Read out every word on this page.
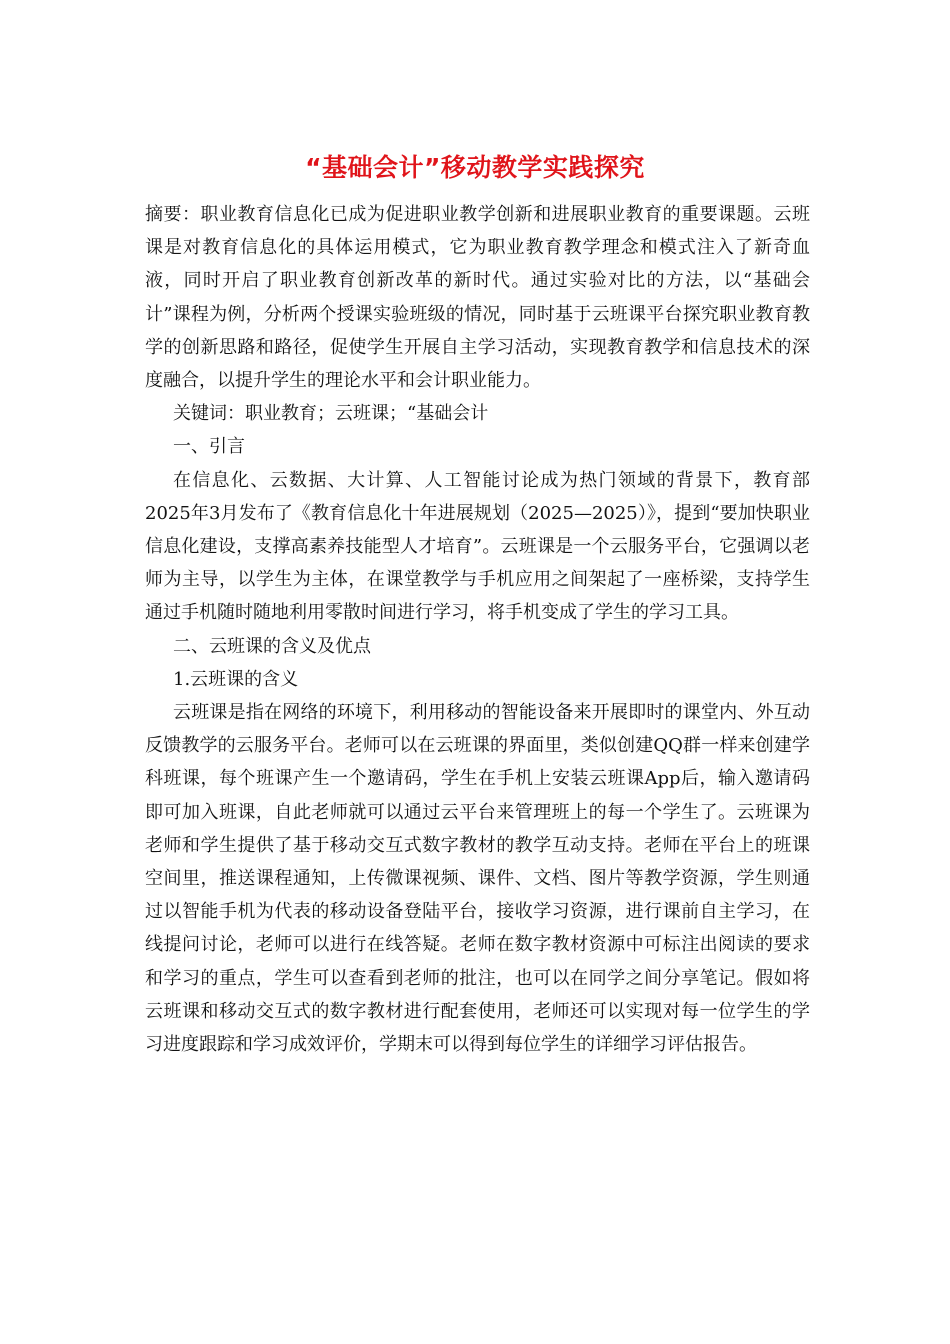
“基础会计”移动教学实践探究

摘要：职业教育信息化已成为促进职业教学创新和进展职业教育的重要课题。云班课是对教育信息化的具体运用模式，它为职业教育教学理念和模式注入了新奇血液，同时开启了职业教育创新改革的新时代。通过实验对比的方法，以“基础会计”课程为例，分析两个授课实验班级的情况，同时基于云班课平台探究职业教育教学的创新思路和路径，促使学生开展自主学习活动，实现教育教学和信息技术的深度融合，以提升学生的理论水平和会计职业能力。

关键词：职业教育；云班课；“基础会计

一、引言

在信息化、云数据、大计算、人工智能讨论成为热门领域的背景下，教育部2025年3月发布了《教育信息化十年进展规划（2025—2025）》，提到“要加快职业信息化建设，支撑高素养技能型人才培育”。云班课是一个云服务平台，它强调以老师为主导，以学生为主体，在课堂教学与手机应用之间架起了一座桥梁，支持学生通过手机随时随地利用零散时间进行学习，将手机变成了学生的学习工具。

二、云班课的含义及优点

1.云班课的含义

云班课是指在网络的环境下，利用移动的智能设备来开展即时的课堂内、外互动反馈教学的云服务平台。老师可以在云班课的界面里，类似创建QQ群一样来创建学科班课，每个班课产生一个邀请码，学生在手机上安装云班课App后，输入邀请码即可加入班课，自此老师就可以通过云平台来管理班上的每一个学生了。云班课为老师和学生提供了基于移动交互式数字教材的教学互动支持。老师在平台上的班课空间里，推送课程通知，上传微课视频、课件、文档、图片等教学资源，学生则通过以智能手机为代表的移动设备登陆平台，接收学习资源，进行课前自主学习，在线提问讨论，老师可以进行在线答疑。老师在数字教材资源中可标注出阅读的要求和学习的重点，学生可以查看到老师的批注，也可以在同学之间分享笔记。假如将云班课和移动交互式的数字教材进行配套使用，老师还可以实现对每一位学生的学习进度跟踪和学习成效评价，学期末可以得到每位学生的详细学习评估报告。
